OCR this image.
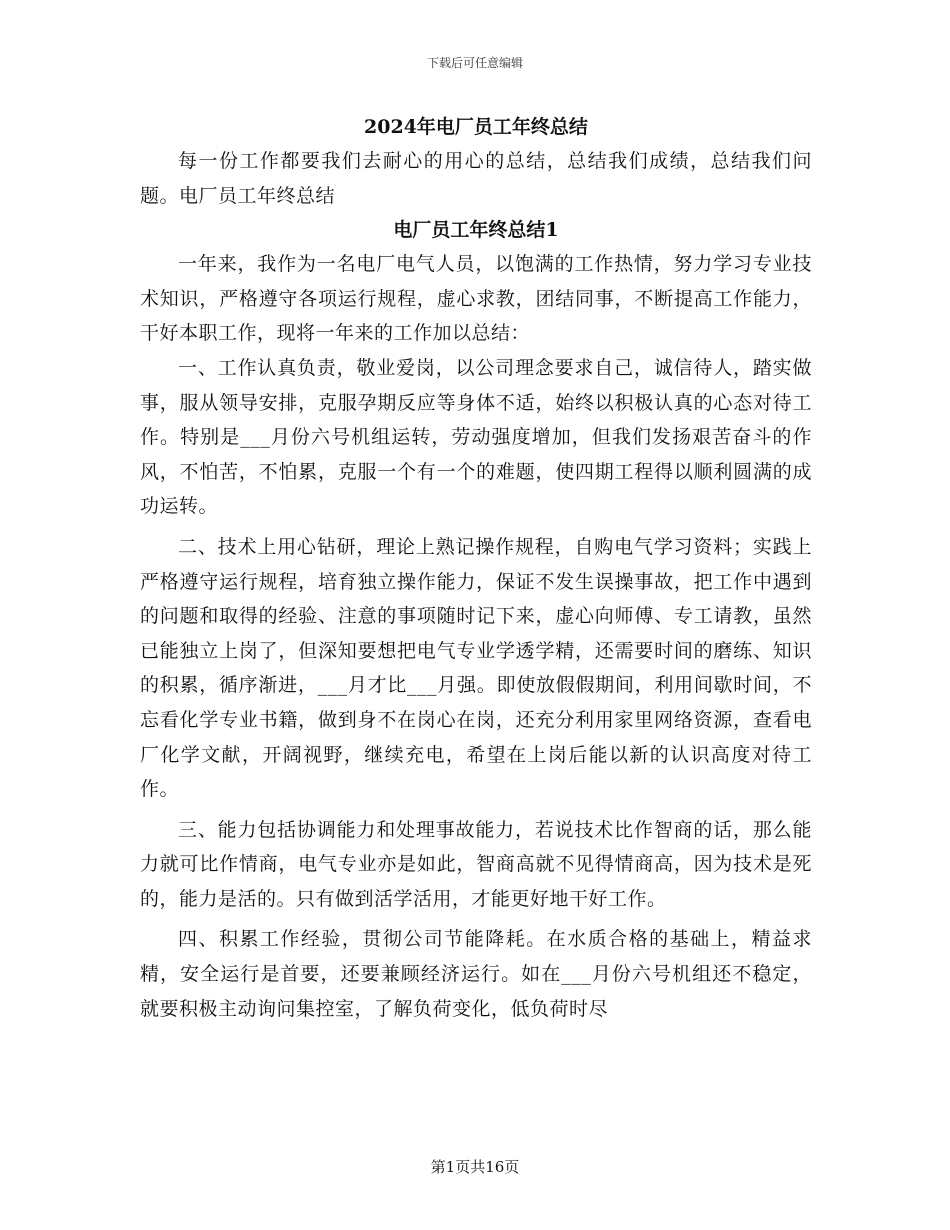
下载后可任意编辑
2024年电厂员工年终总结

每一份工作都要我们去耐心的用心的总结，总结我们成绩，总结我们问题。电厂员工年终总结

电厂员工年终总结1

一年来，我作为一名电厂电气人员，以饱满的工作热情，努力学习专业技术知识，严格遵守各项运行规程，虚心求教，团结同事，不断提高工作能力，干好本职工作，现将一年来的工作加以总结：

一、工作认真负责，敬业爱岗，以公司理念要求自己，诚信待人，踏实做事，服从领导安排，克服孕期反应等身体不适，始终以积极认真的心态对待工作。特别是___月份六号机组运转，劳动强度增加，但我们发扬艰苦奋斗的作风，不怕苦，不怕累，克服一个有一个的难题，使四期工程得以顺利圆满的成功运转。

二、技术上用心钻研，理论上熟记操作规程，自购电气学习资料；实践上严格遵守运行规程，培育独立操作能力，保证不发生误操事故，把工作中遇到的问题和取得的经验、注意的事项随时记下来，虚心向师傅、专工请教，虽然已能独立上岗了，但深知要想把电气专业学透学精，还需要时间的磨练、知识的积累，循序渐进，___月才比___月强。即使放假假期间，利用间歇时间，不忘看化学专业书籍，做到身不在岗心在岗，还充分利用家里网络资源，查看电厂化学文献，开阔视野，继续充电，希望在上岗后能以新的认识高度对待工作。

三、能力包括协调能力和处理事故能力，若说技术比作智商的话，那么能力就可比作情商，电气专业亦是如此，智商高就不见得情商高，因为技术是死的，能力是活的。只有做到活学活用，才能更好地干好工作。

四、积累工作经验，贯彻公司节能降耗。在水质合格的基础上，精益求精，安全运行是首要，还要兼顾经济运行。如在___月份六号机组还不稳定，就要积极主动询问集控室，了解负荷变化，低负荷时尽

第1页共16页
